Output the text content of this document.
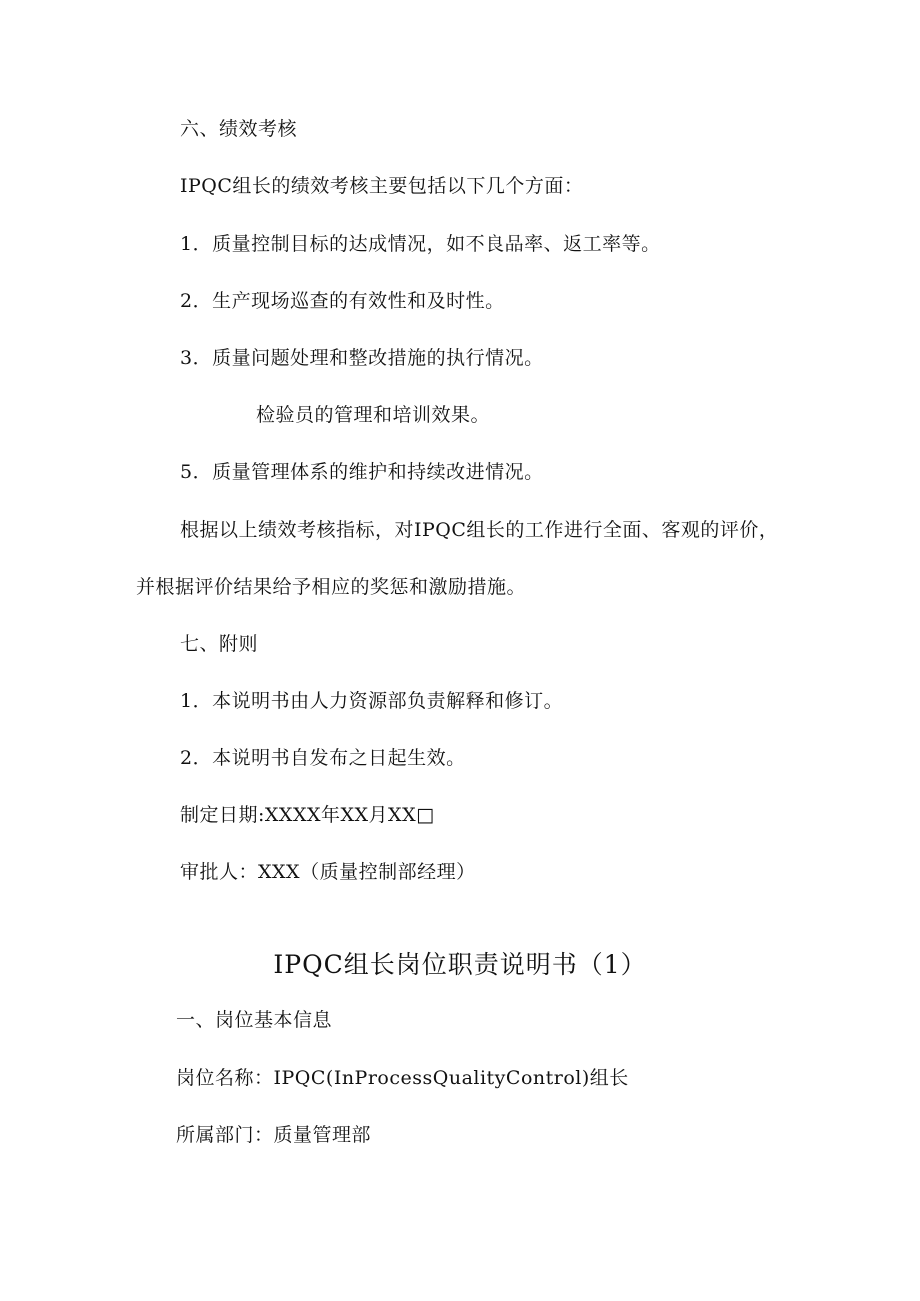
六、绩效考核
IPQC组长的绩效考核主要包括以下几个方面：
1．质量控制目标的达成情况，如不良品率、返工率等。
2．生产现场巡查的有效性和及时性。
3．质量问题处理和整改措施的执行情况。
检验员的管理和培训效果。
5．质量管理体系的维护和持续改进情况。
根据以上绩效考核指标，对IPQC组长的工作进行全面、客观的评价，
并根据评价结果给予相应的奖惩和激励措施。
七、附则
1．本说明书由人力资源部负责解释和修订。
2．本说明书自发布之日起生效。
制定日期:XXXX年XX月XX□
审批人：XXX（质量控制部经理）
IPQC组长岗位职责说明书（1）
一、岗位基本信息
岗位名称：IPQC(InProcessQualityControl)组长
所属部门：质量管理部
